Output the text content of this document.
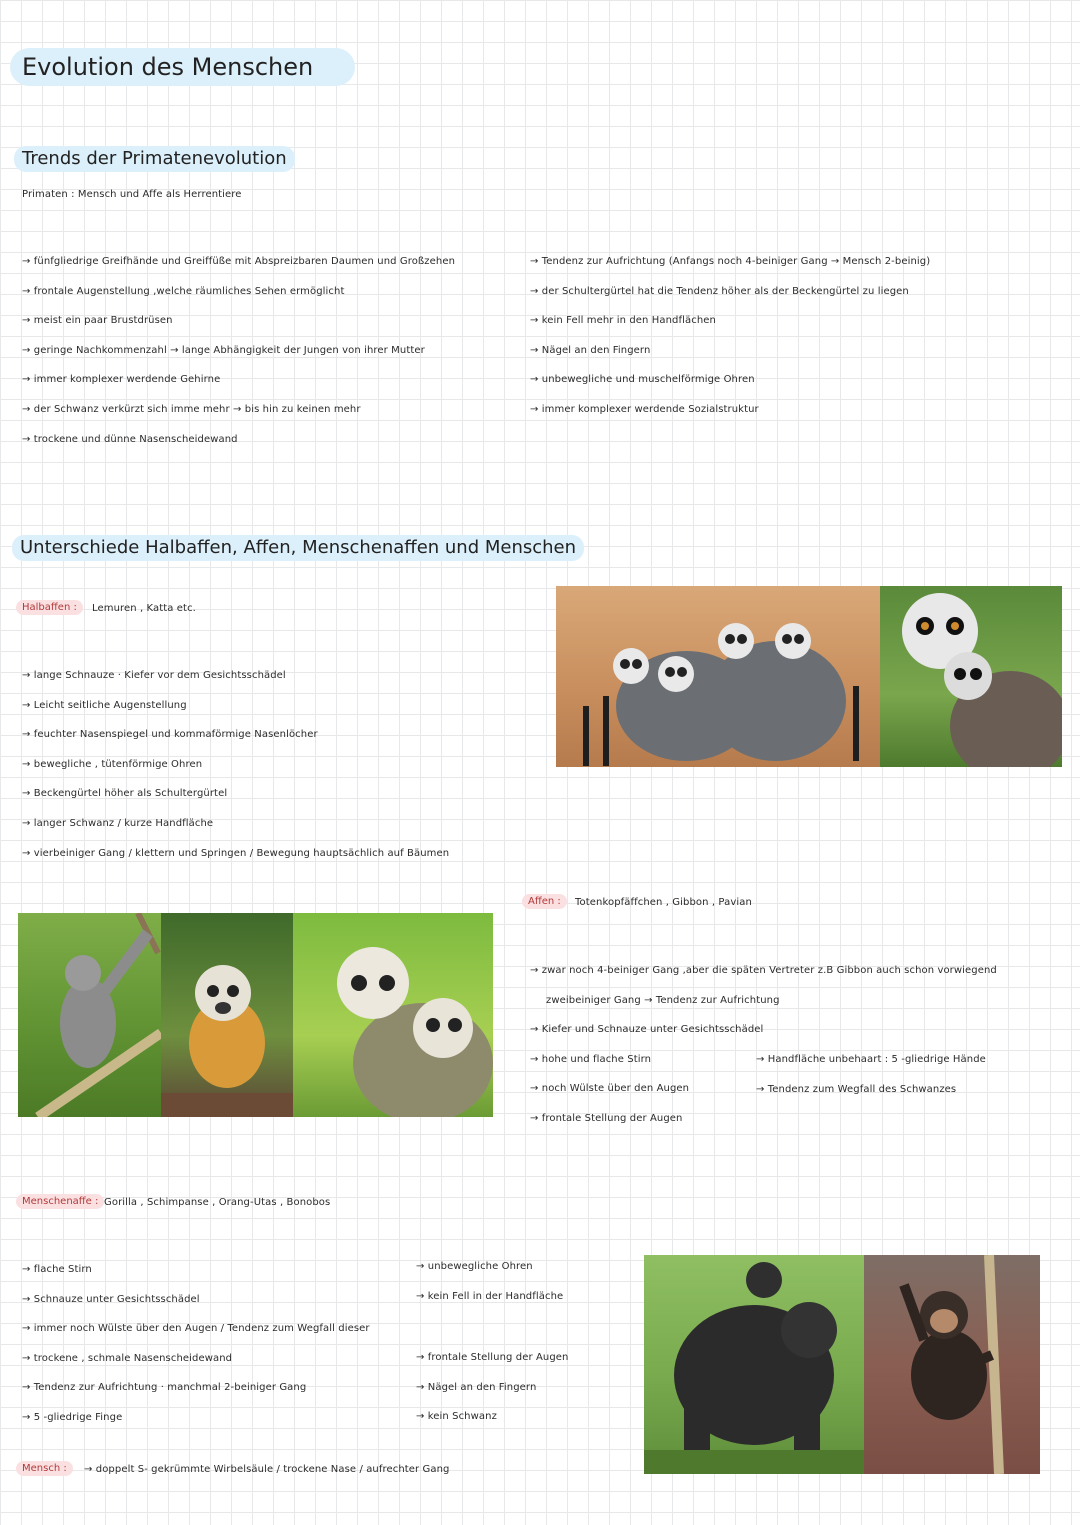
Evolution des Menschen
Trends der Primatenevolution
Primaten : Mensch und Affe als Herrentiere
→ fünfgliedrige Greifhände und Greiffüße mit Abspreizbaren Daumen und Großzehen
→ frontale Augenstellung ,welche räumliches Sehen ermöglicht
→ meist ein paar Brustdrüsen
→ geringe Nachkommenzahl → lange Abhängigkeit der Jungen von ihrer Mutter
→ immer komplexer werdende Gehirne
→ der Schwanz verkürzt sich imme mehr → bis hin zu keinen mehr
→ trockene und dünne Nasenscheidewand
→ Tendenz zur Aufrichtung (Anfangs noch 4-beiniger Gang → Mensch 2-beinig)
→ der Schultergürtel hat die Tendenz höher als der Beckengürtel zu liegen
→ kein Fell mehr in den Handflächen
→ Nägel an den Fingern
→ unbewegliche und muschelförmige Ohren
→ immer komplexer werdende Sozialstruktur
Unterschiede Halbaffen, Affen, Menschenaffen und Menschen
Halbaffen :	Lemuren , Katta etc.
→ lange Schnauze · Kiefer vor dem Gesichtsschädel
→ Leicht seitliche Augenstellung
→ feuchter Nasenspiegel und kommaförmige Nasenlöcher
→ bewegliche , tütenförmige Ohren
→ Beckengürtel höher als Schultergürtel
→ langer Schwanz / kurze Handfläche
→ vierbeiniger Gang / klettern und Springen / Bewegung hauptsächlich auf Bäumen
Affen :	Totenkopfäffchen , Gibbon , Pavian
→ zwar noch 4-beiniger Gang ,aber die späten Vertreter z.B Gibbon auch schon vorwiegend
zweibeiniger Gang → Tendenz zur Aufrichtung
→ Kiefer und Schnauze unter Gesichtsschädel
→ hohe und flache Stirn
→ noch Wülste über den Augen
→ frontale Stellung der Augen
→ Handfläche unbehaart : 5 -gliedrige Hände
→ Tendenz zum Wegfall des Schwanzes
Menschenaffe : Gorilla , Schimpanse , Orang-Utas , Bonobos
→ flache Stirn
→ Schnauze unter Gesichtsschädel
→ immer noch Wülste über den Augen / Tendenz zum Wegfall dieser
→ trockene , schmale Nasenscheidewand
→ Tendenz zur Aufrichtung · manchmal 2-beiniger Gang
→ 5 -gliedrige Finge
→ unbewegliche Ohren
→ kein Fell in der Handfläche
→ frontale Stellung der Augen
→ Nägel an den Fingern
→ kein Schwanz
Mensch :	→ doppelt S- gekrümmte Wirbelsäule / trockene Nase / aufrechter Gang
